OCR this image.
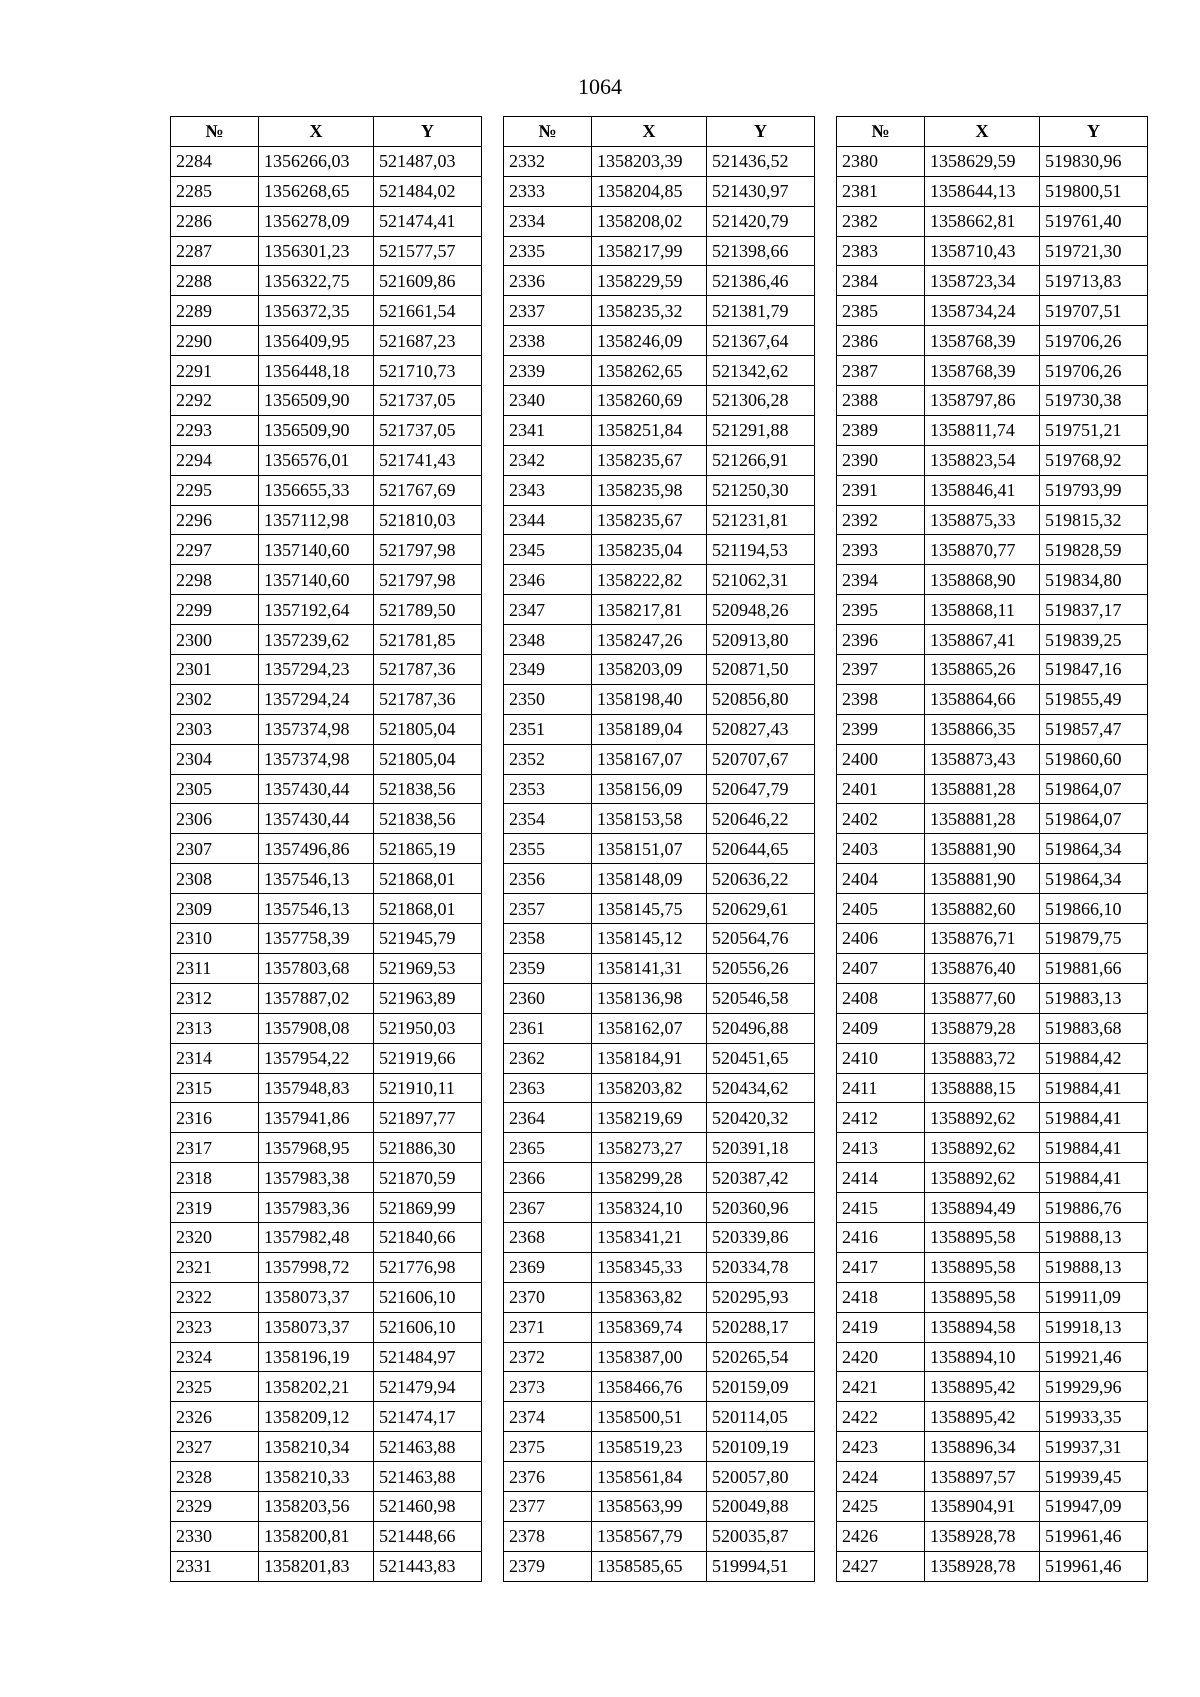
1064
№	X	Y
2284	1356266,03	521487,03
2285	1356268,65	521484,02
2286	1356278,09	521474,41
2287	1356301,23	521577,57
2288	1356322,75	521609,86
2289	1356372,35	521661,54
2290	1356409,95	521687,23
2291	1356448,18	521710,73
2292	1356509,90	521737,05
2293	1356509,90	521737,05
2294	1356576,01	521741,43
2295	1356655,33	521767,69
2296	1357112,98	521810,03
2297	1357140,60	521797,98
2298	1357140,60	521797,98
2299	1357192,64	521789,50
2300	1357239,62	521781,85
2301	1357294,23	521787,36
2302	1357294,24	521787,36
2303	1357374,98	521805,04
2304	1357374,98	521805,04
2305	1357430,44	521838,56
2306	1357430,44	521838,56
2307	1357496,86	521865,19
2308	1357546,13	521868,01
2309	1357546,13	521868,01
2310	1357758,39	521945,79
2311	1357803,68	521969,53
2312	1357887,02	521963,89
2313	1357908,08	521950,03
2314	1357954,22	521919,66
2315	1357948,83	521910,11
2316	1357941,86	521897,77
2317	1357968,95	521886,30
2318	1357983,38	521870,59
2319	1357983,36	521869,99
2320	1357982,48	521840,66
2321	1357998,72	521776,98
2322	1358073,37	521606,10
2323	1358073,37	521606,10
2324	1358196,19	521484,97
2325	1358202,21	521479,94
2326	1358209,12	521474,17
2327	1358210,34	521463,88
2328	1358210,33	521463,88
2329	1358203,56	521460,98
2330	1358200,81	521448,66
2331	1358201,83	521443,83
№	X	Y
2332	1358203,39	521436,52
2333	1358204,85	521430,97
2334	1358208,02	521420,79
2335	1358217,99	521398,66
2336	1358229,59	521386,46
2337	1358235,32	521381,79
2338	1358246,09	521367,64
2339	1358262,65	521342,62
2340	1358260,69	521306,28
2341	1358251,84	521291,88
2342	1358235,67	521266,91
2343	1358235,98	521250,30
2344	1358235,67	521231,81
2345	1358235,04	521194,53
2346	1358222,82	521062,31
2347	1358217,81	520948,26
2348	1358247,26	520913,80
2349	1358203,09	520871,50
2350	1358198,40	520856,80
2351	1358189,04	520827,43
2352	1358167,07	520707,67
2353	1358156,09	520647,79
2354	1358153,58	520646,22
2355	1358151,07	520644,65
2356	1358148,09	520636,22
2357	1358145,75	520629,61
2358	1358145,12	520564,76
2359	1358141,31	520556,26
2360	1358136,98	520546,58
2361	1358162,07	520496,88
2362	1358184,91	520451,65
2363	1358203,82	520434,62
2364	1358219,69	520420,32
2365	1358273,27	520391,18
2366	1358299,28	520387,42
2367	1358324,10	520360,96
2368	1358341,21	520339,86
2369	1358345,33	520334,78
2370	1358363,82	520295,93
2371	1358369,74	520288,17
2372	1358387,00	520265,54
2373	1358466,76	520159,09
2374	1358500,51	520114,05
2375	1358519,23	520109,19
2376	1358561,84	520057,80
2377	1358563,99	520049,88
2378	1358567,79	520035,87
2379	1358585,65	519994,51
№	X	Y
2380	1358629,59	519830,96
2381	1358644,13	519800,51
2382	1358662,81	519761,40
2383	1358710,43	519721,30
2384	1358723,34	519713,83
2385	1358734,24	519707,51
2386	1358768,39	519706,26
2387	1358768,39	519706,26
2388	1358797,86	519730,38
2389	1358811,74	519751,21
2390	1358823,54	519768,92
2391	1358846,41	519793,99
2392	1358875,33	519815,32
2393	1358870,77	519828,59
2394	1358868,90	519834,80
2395	1358868,11	519837,17
2396	1358867,41	519839,25
2397	1358865,26	519847,16
2398	1358864,66	519855,49
2399	1358866,35	519857,47
2400	1358873,43	519860,60
2401	1358881,28	519864,07
2402	1358881,28	519864,07
2403	1358881,90	519864,34
2404	1358881,90	519864,34
2405	1358882,60	519866,10
2406	1358876,71	519879,75
2407	1358876,40	519881,66
2408	1358877,60	519883,13
2409	1358879,28	519883,68
2410	1358883,72	519884,42
2411	1358888,15	519884,41
2412	1358892,62	519884,41
2413	1358892,62	519884,41
2414	1358892,62	519884,41
2415	1358894,49	519886,76
2416	1358895,58	519888,13
2417	1358895,58	519888,13
2418	1358895,58	519911,09
2419	1358894,58	519918,13
2420	1358894,10	519921,46
2421	1358895,42	519929,96
2422	1358895,42	519933,35
2423	1358896,34	519937,31
2424	1358897,57	519939,45
2425	1358904,91	519947,09
2426	1358928,78	519961,46
2427	1358928,78	519961,46
